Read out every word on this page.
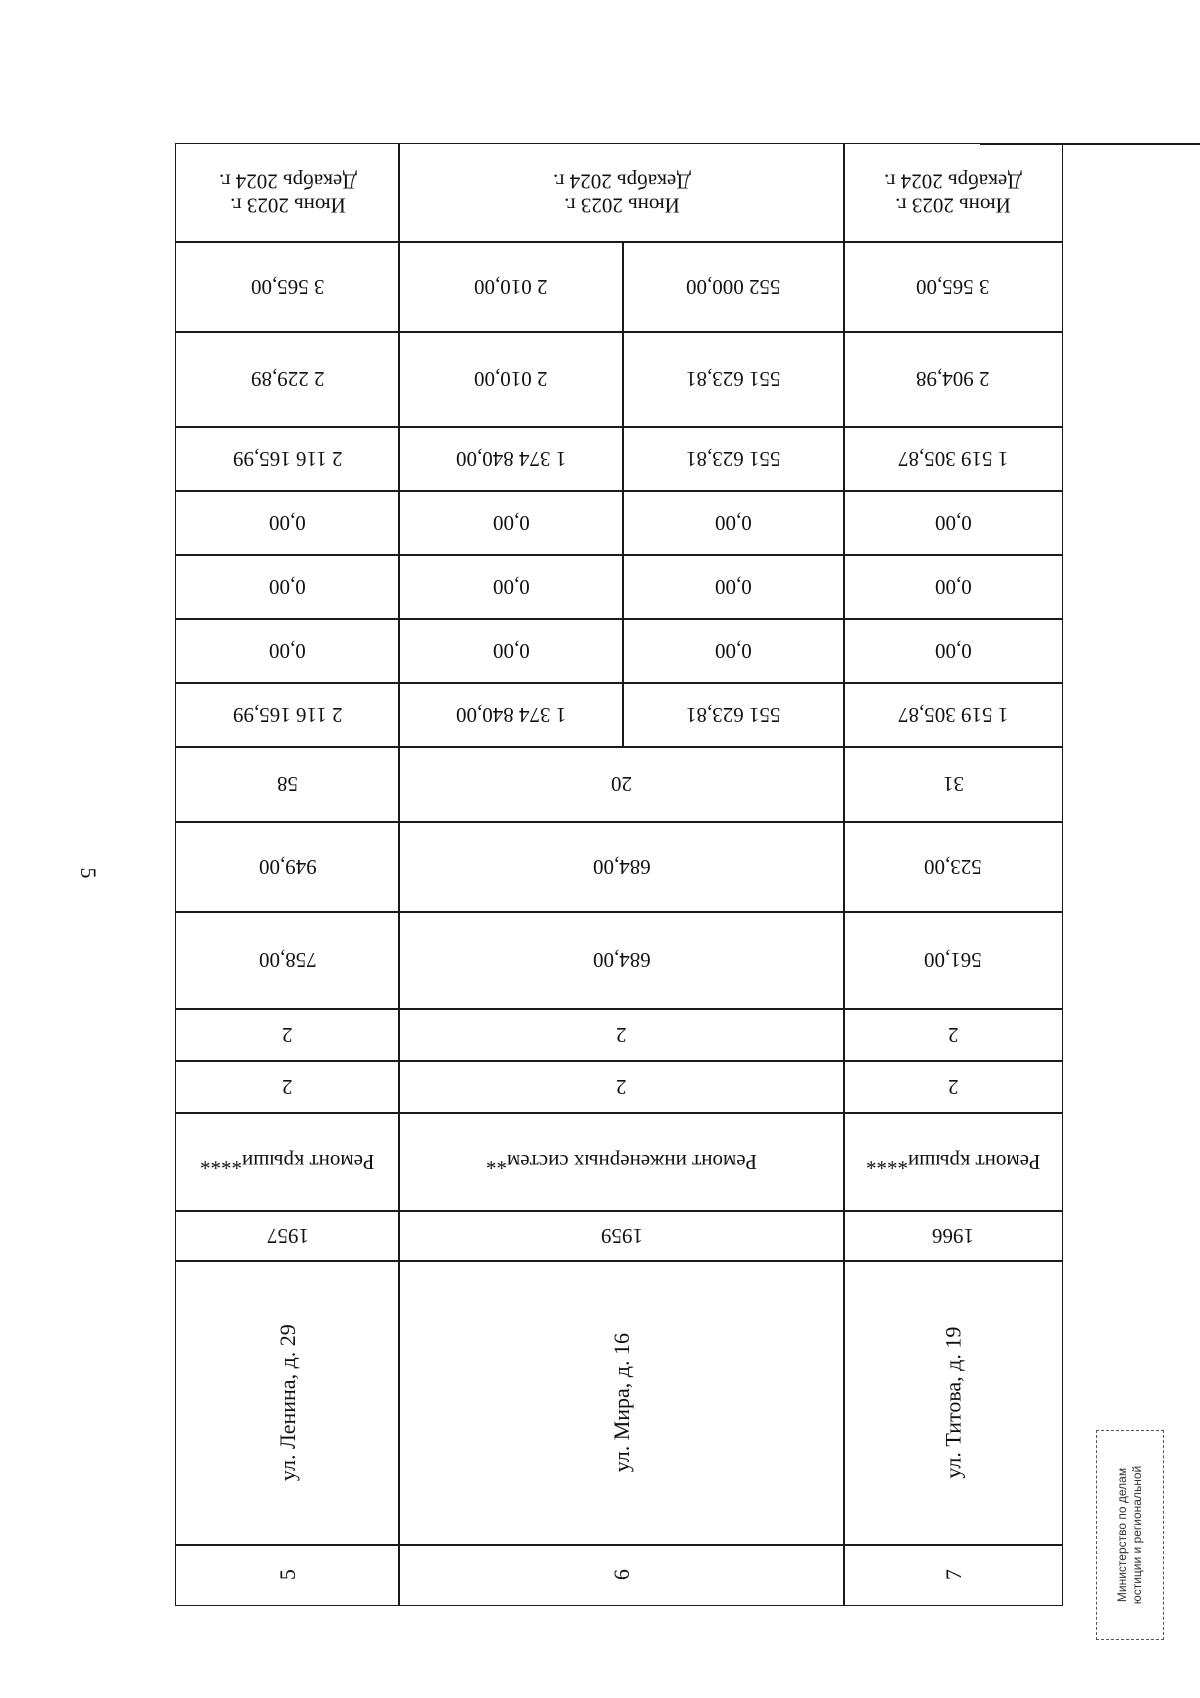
5
Июнь 2023 г.
Декабрь 2024 г.
Июнь 2023 г.
Декабрь 2024 г.
Июнь 2023 г.
Декабрь 2024 г.
3 565,00
552 000,00
2 010,00
3 565,00
2 904,98
551 623,81
2 010,00
2 229,89
1 519 305,87
551 623,81
1 374 840,00
2 116 165,99
0,00
0,00
0,00
0,00
0,00
0,00
0,00
0,00
0,00
0,00
0,00
0,00
1 519 305,87
551 623,81
1 374 840,00
2 116 165,99
31
20
58
523,00
684,00
949,00
561,00
684,00
758,00
2
2
2
2
2
2
Ремонт крыши****
Ремонт инженерных систем**
Ремонт крыши****
1966
1959
1957
ул. Титова, д. 19
ул. Мира, д. 16
ул. Ленина, д. 29
7
6
5	Министерство по делам юстиции и региональной
